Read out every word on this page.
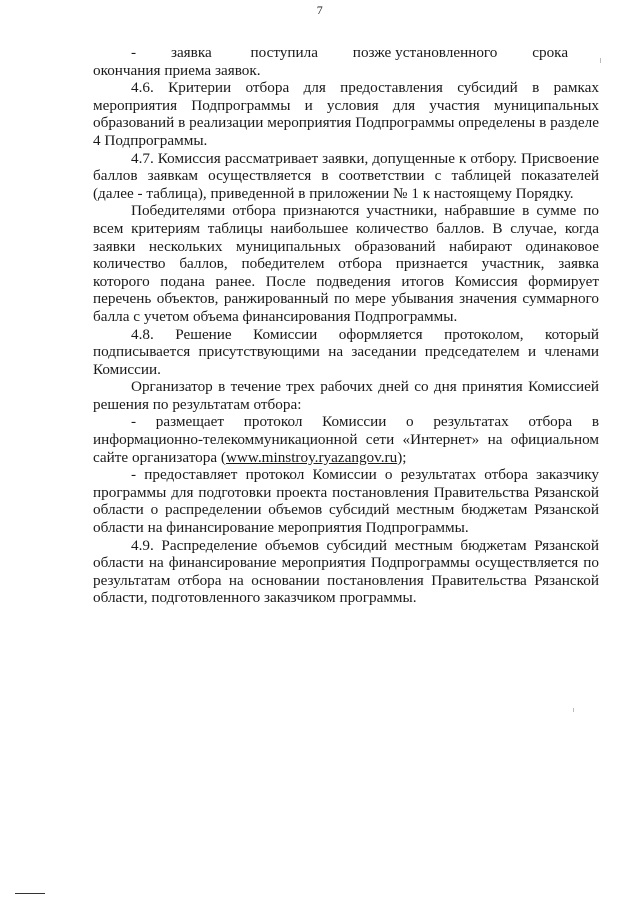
7

-         заявка          поступила         позже установленного         срока         окончания приема заявок.

4.6. Критерии отбора для предоставления субсидий в рамках мероприятия Подпрограммы и условия для участия муниципальных образований в реализации мероприятия Подпрограммы определены в разделе 4 Подпрограммы.

4.7. Комиссия рассматривает заявки, допущенные к отбору. Присвоение баллов заявкам осуществляется в соответствии с таблицей показателей (далее - таблица), приведенной в приложении № 1 к настоящему Порядку.

Победителями отбора признаются участники, набравшие в сумме по всем критериям таблицы наибольшее количество баллов. В случае, когда заявки нескольких муниципальных образований набирают одинаковое количество баллов, победителем отбора признается участник, заявка которого подана ранее. После подведения итогов Комиссия формирует перечень объектов, ранжированный по мере убывания значения суммарного балла с учетом объема финансирования Подпрограммы.

4.8.     Решение     Комиссии     оформляется     протоколом,     который подписывается присутствующими на заседании председателем и членами Комиссии.

Организатор в течение трех рабочих дней со дня принятия Комиссией решения по результатам отбора:

-    размещает    протокол    Комиссии    о    результатах    отбора    в информационно-телекоммуникационной сети «Интернет» на официальном сайте организатора (www.minstroy.ryazangov.ru);

- предоставляет протокол Комиссии о результатах отбора заказчику программы для подготовки проекта постановления Правительства Рязанской области о распределении объемов субсидий местным бюджетам Рязанской области на финансирование мероприятия Подпрограммы.

4.9. Распределение объемов субсидий местным бюджетам Рязанской области на финансирование мероприятия Подпрограммы осуществляется по результатам отбора на основании постановления Правительства Рязанской области, подготовленного заказчиком программы.
